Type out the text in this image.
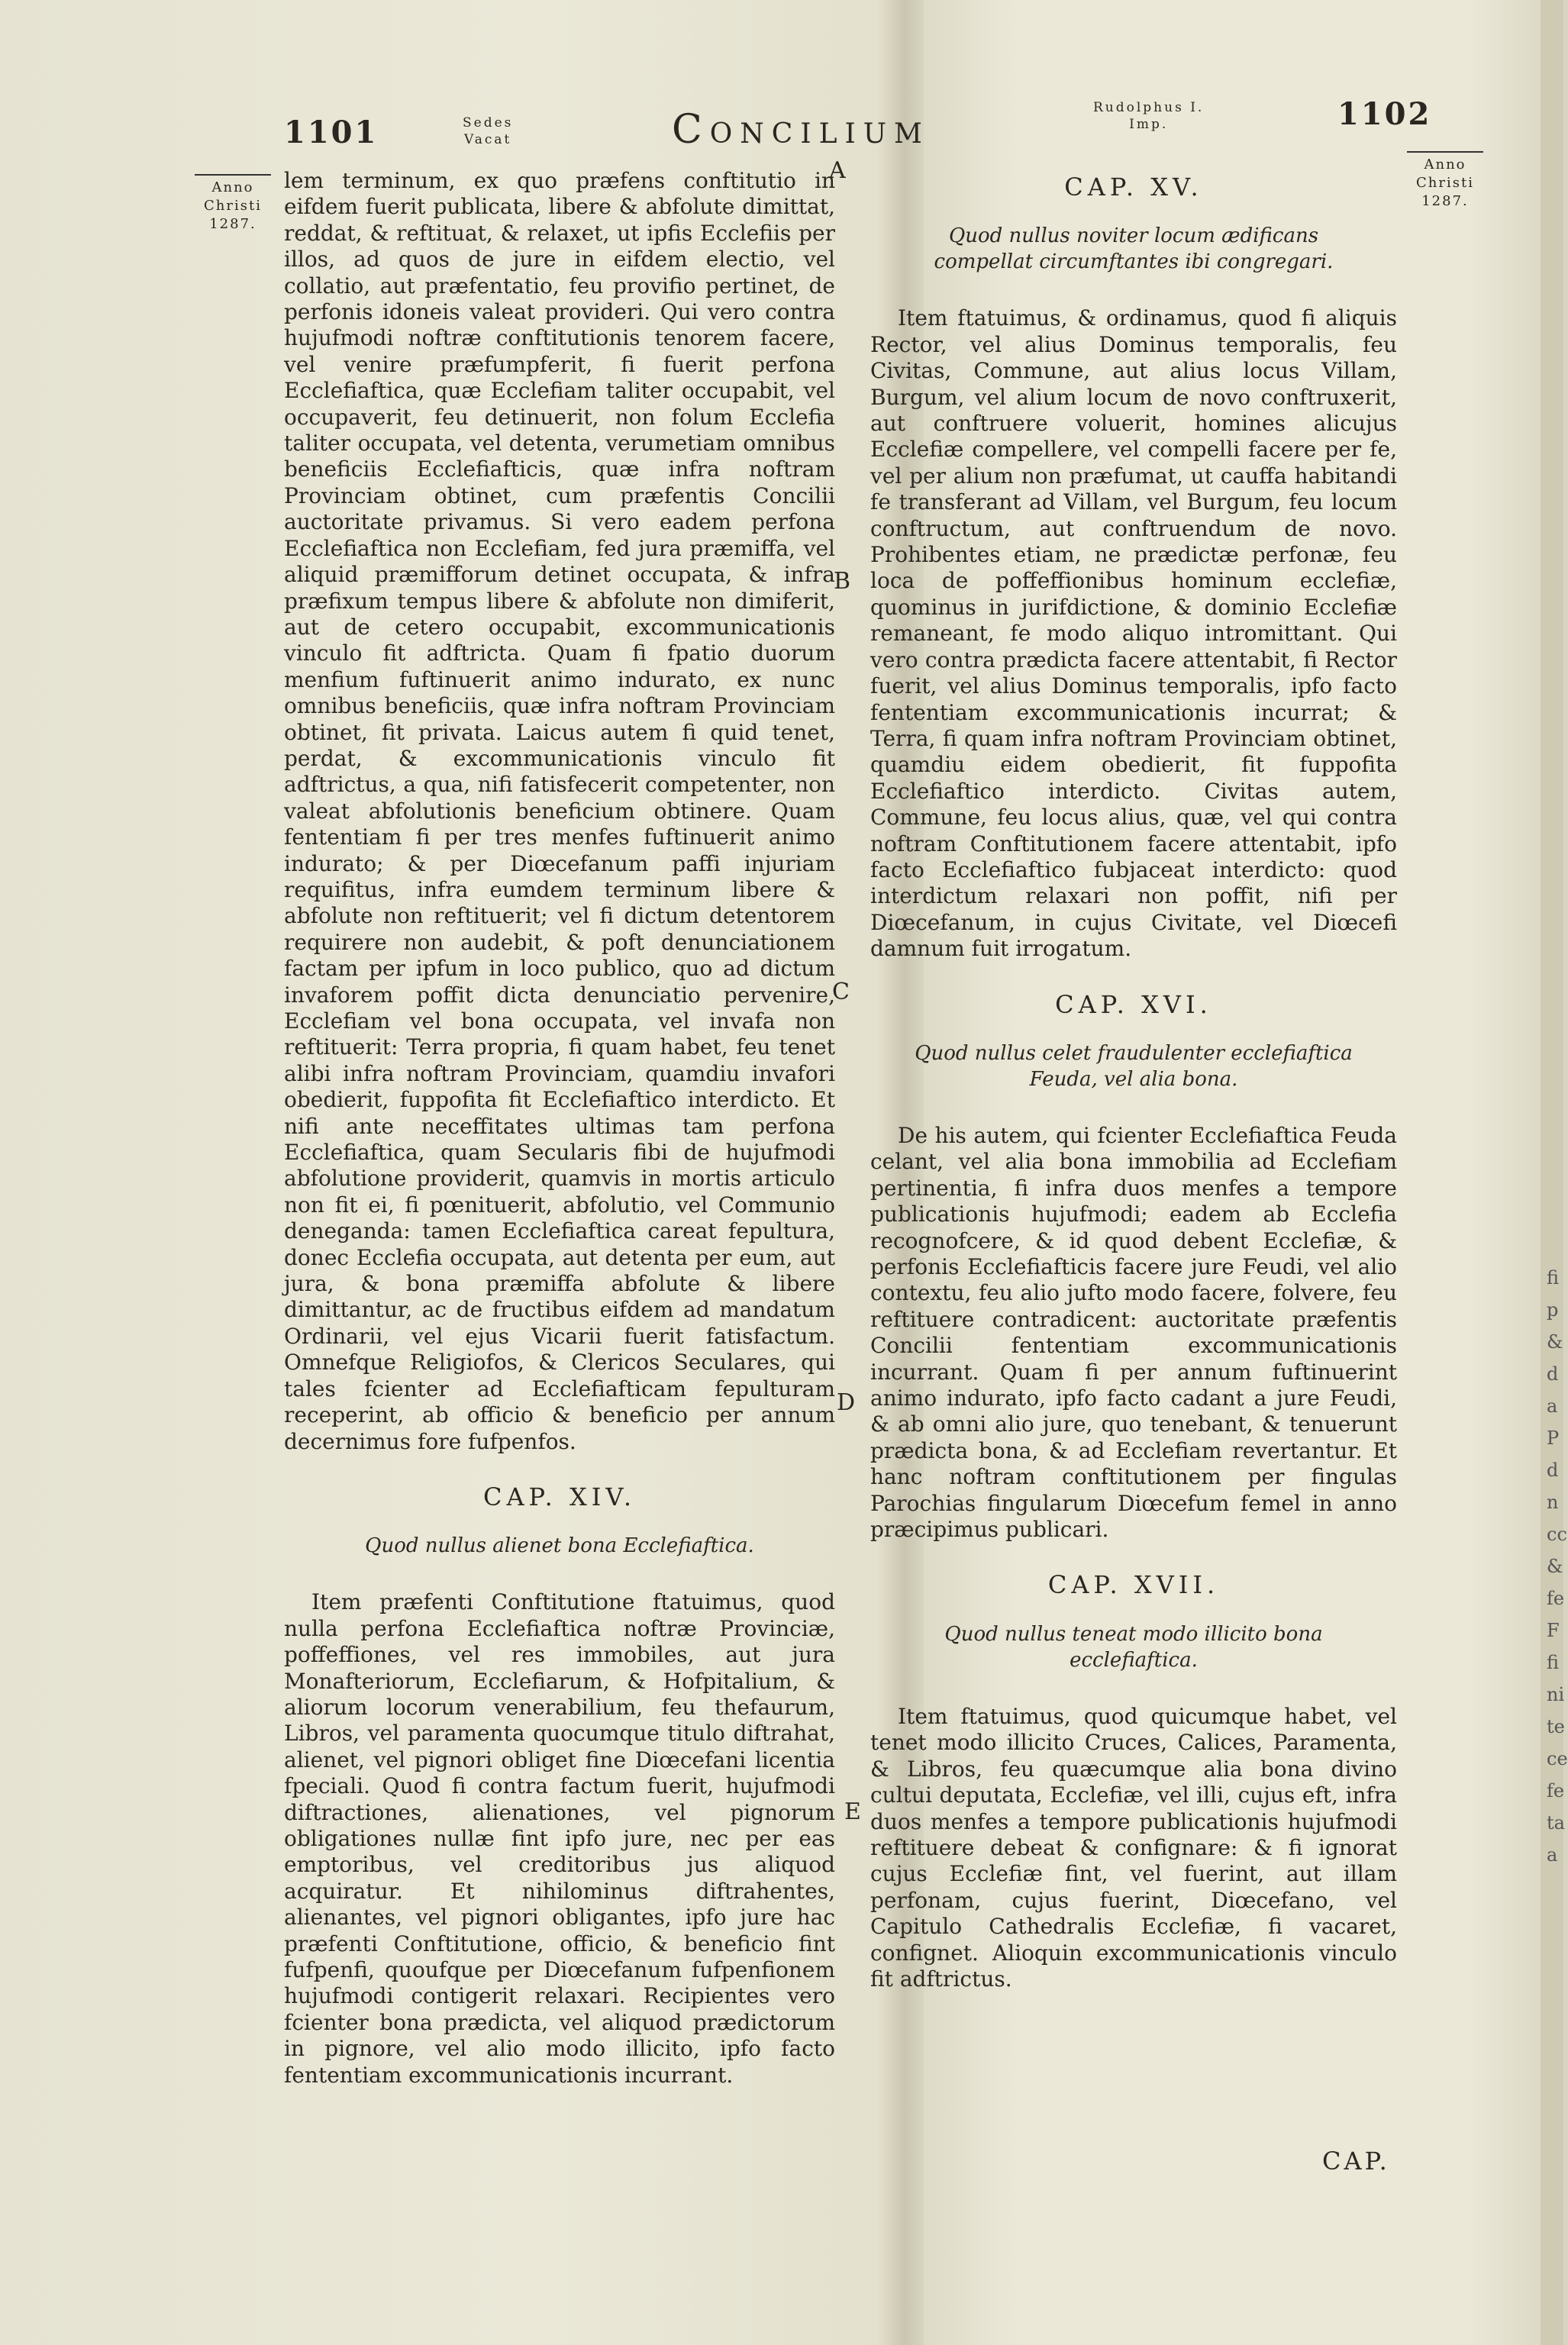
1101	Sedes
Vacat	Concilium	Rudolphus I.
Imp.	1102
Anno
Christi
1287.
Anno
Christi
1287.
A
B
C
D
E

lem terminum, ex quo præfens conftitutio in eifdem fuerit publicata, libere & abfolute dimittat, reddat, & reftituat, & relaxet, ut ipfis Ecclefiis per illos, ad quos de jure in eifdem electio, vel collatio, aut præfentatio, feu provifio pertinet, de perfonis idoneis valeat provideri. Qui vero contra hujufmodi noftræ conftitutionis tenorem facere, vel venire præfumpferit, fi fuerit perfona Ecclefiaftica, quæ Ecclefiam taliter occupabit, vel occupaverit, feu detinuerit, non folum Ecclefia taliter occupata, vel detenta, verumetiam omnibus beneficiis Ecclefiafticis, quæ infra noftram Provinciam obtinet, cum præfentis Concilii auctoritate privamus. Si vero eadem perfona Ecclefiaftica non Ecclefiam, fed jura præmiffa, vel aliquid præmifforum detinet occupata, & infra præfixum tempus libere & abfolute non dimiferit, aut de cetero occupabit, excommunicationis vinculo fit adftricta. Quam fi fpatio duorum menfium fuftinuerit animo indurato, ex nunc omnibus beneficiis, quæ infra noftram Provinciam obtinet, fit privata. Laicus autem fi quid tenet, perdat, & excommunicationis vinculo fit adftrictus, a qua, nifi fatisfecerit competenter, non valeat abfolutionis beneficium obtinere. Quam fententiam fi per tres menfes fuftinuerit animo indurato; & per Diœcefanum paffi injuriam requifitus, infra eumdem terminum libere & abfolute non reftituerit; vel fi dictum detentorem requirere non audebit, & poft denunciationem factam per ipfum in loco publico, quo ad dictum invaforem poffit dicta denunciatio pervenire, Ecclefiam vel bona occupata, vel invafa non reftituerit: Terra propria, fi quam habet, feu tenet alibi infra noftram Provinciam, quamdiu invafori obedierit, fuppofita fit Ecclefiaftico interdicto. Et nifi ante neceffitates ultimas tam perfona Ecclefiaftica, quam Secularis fibi de hujufmodi abfolutione providerit, quamvis in mortis articulo non fit ei, fi pœnituerit, abfolutio, vel Communio deneganda: tamen Ecclefiaftica careat fepultura, donec Ecclefia occupata, aut detenta per eum, aut jura, & bona præmiffa abfolute & libere dimittantur, ac de fructibus eifdem ad mandatum Ordinarii, vel ejus Vicarii fuerit fatisfactum. Omnefque Religiofos, & Clericos Seculares, qui tales fcienter ad Ecclefiafticam fepulturam receperint, ab officio & beneficio per annum decernimus fore fufpenfos.

CAP. XIV.
Quod nullus alienet bona Ecclefiaftica.

Item præfenti Conftitutione ftatuimus, quod nulla perfona Ecclefiaftica noftræ Provinciæ, poffeffiones, vel res immobiles, aut jura Monafteriorum, Ecclefiarum, & Hofpitalium, & aliorum locorum venerabilium, feu thefaurum, Libros, vel paramenta quocumque titulo diftrahat, alienet, vel pignori obliget fine Diœcefani licentia fpeciali. Quod fi contra factum fuerit, hujufmodi diftractiones, alienationes, vel pignorum obligationes nullæ fint ipfo jure, nec per eas emptoribus, vel creditoribus jus aliquod acquiratur. Et nihilominus diftrahentes, alienantes, vel pignori obligantes, ipfo jure hac præfenti Conftitutione, officio, & beneficio fint fufpenfi, quoufque per Diœcefanum fufpenfionem hujufmodi contigerit relaxari. Recipientes vero fcienter bona prædicta, vel aliquod prædictorum in pignore, vel alio modo illicito, ipfo facto fententiam excommunicationis incurrant.

CAP. XV.
Quod nullus noviter locum ædificans compellat circumftantes ibi congregari.

Item ftatuimus, & ordinamus, quod fi aliquis Rector, vel alius Dominus temporalis, feu Civitas, Commune, aut alius locus Villam, Burgum, vel alium locum de novo conftruxerit, aut conftruere voluerit, homines alicujus Ecclefiæ compellere, vel compelli facere per fe, vel per alium non præfumat, ut cauffa habitandi fe transferant ad Villam, vel Burgum, feu locum conftructum, aut conftruendum de novo. Prohibentes etiam, ne prædictæ perfonæ, feu loca de poffeffionibus hominum ecclefiæ, quominus in jurifdictione, & dominio Ecclefiæ remaneant, fe modo aliquo intromittant. Qui vero contra prædicta facere attentabit, fi Rector fuerit, vel alius Dominus temporalis, ipfo facto fententiam excommunicationis incurrat; & Terra, fi quam infra noftram Provinciam obtinet, quamdiu eidem obedierit, fit fuppofita Ecclefiaftico interdicto. Civitas autem, Commune, feu locus alius, quæ, vel qui contra noftram Conftitutionem facere attentabit, ipfo facto Ecclefiaftico fubjaceat interdicto: quod interdictum relaxari non poffit, nifi per Diœcefanum, in cujus Civitate, vel Diœcefi damnum fuit irrogatum.

CAP. XVI.
Quod nullus celet fraudulenter ecclefiaftica Feuda, vel alia bona.

De his autem, qui fcienter Ecclefiaftica Feuda celant, vel alia bona immobilia ad Ecclefiam pertinentia, fi infra duos menfes a tempore publicationis hujufmodi; eadem ab Ecclefia recognofcere, & id quod debent Ecclefiæ, & perfonis Ecclefiafticis facere jure Feudi, vel alio contextu, feu alio jufto modo facere, folvere, feu reftituere contradicent: auctoritate præfentis Concilii fententiam excommunicationis incurrant. Quam fi per annum fuftinuerint animo indurato, ipfo facto cadant a jure Feudi, & ab omni alio jure, quo tenebant, & tenuerunt prædicta bona, & ad Ecclefiam revertantur. Et hanc noftram conftitutionem per fingulas Parochias fingularum Diœcefum femel in anno præcipimus publicari.

CAP. XVII.
Quod nullus teneat modo illicito bona ecclefiaftica.

Item ftatuimus, quod quicumque habet, vel tenet modo illicito Cruces, Calices, Paramenta, & Libros, feu quæcumque alia bona divino cultui deputata, Ecclefiæ, vel illi, cujus eft, infra duos menfes a tempore publicationis hujufmodi reftituere debeat & confignare: & fi ignorat cujus Ecclefiæ fint, vel fuerint, aut illam perfonam, cujus fuerint, Diœcefano, vel Capitulo Cathedralis Ecclefiæ, fi vacaret, confignet. Alioquin excommunicationis vinculo fit adftrictus.

CAP.
fi
p
&
d
a
P
d
n
cc
&
fe
F
fi
ni
te
ce
fe
ta
a
